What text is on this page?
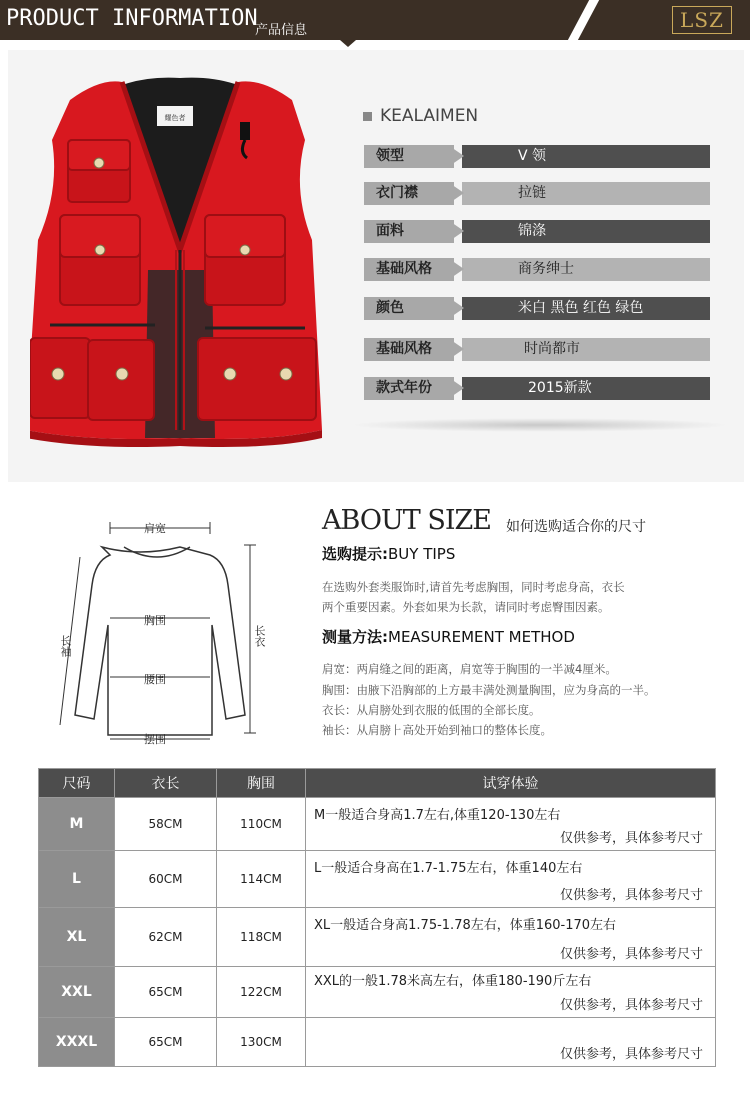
PRODUCT INFORMATION
产品信息	LSZ
耀色者	KEALAIMEN
领型	V 领
衣门襟	拉链
面料	锦涤
基础风格	商务绅士
颜色	米白 黑色 红色 绿色
基础风格	时尚都市
款式年份	2015新款
肩宽
胸围
腰围
摆围
长袖	长衣
ABOUT SIZE 如何选购适合你的尺寸
选购提示:BUY TIPS
在选购外套类服饰时,请首先考虑胸围，同时考虑身高，衣长
两个重要因素。外套如果为长款，请同时考虑臀围因素。
测量方法:MEASUREMENT METHOD
肩宽：两肩缝之间的距离，肩宽等于胸围的一半减4厘米。
胸围：由腋下沿胸部的上方最丰满处测量胸围，应为身高的一半。
衣长：从肩膀处到衣服的低围的全部长度。
袖长：从肩膀⺊高处开始到袖口的整体长度。
尺码	衣长	胸围	试穿体验
M	58CM	110CM	M一般适合身高1.7左右,体重120-130左右
仅供参考，具体参考尺寸

L	60CM	114CM	L一般适合身高在1.7-1.75左右，体重140左右
仅供参考，具体参考尺寸

XL	62CM	118CM	XL一般适合身高1.75-1.78左右，体重160-170左右
仅供参考，具体参考尺寸

XXL	65CM	122CM	XXL的一般1.78米高左右，体重180-190斤左右
仅供参考，具体参考尺寸

XXXL	65CM	130CM	仅供参考，具体参考尺寸
